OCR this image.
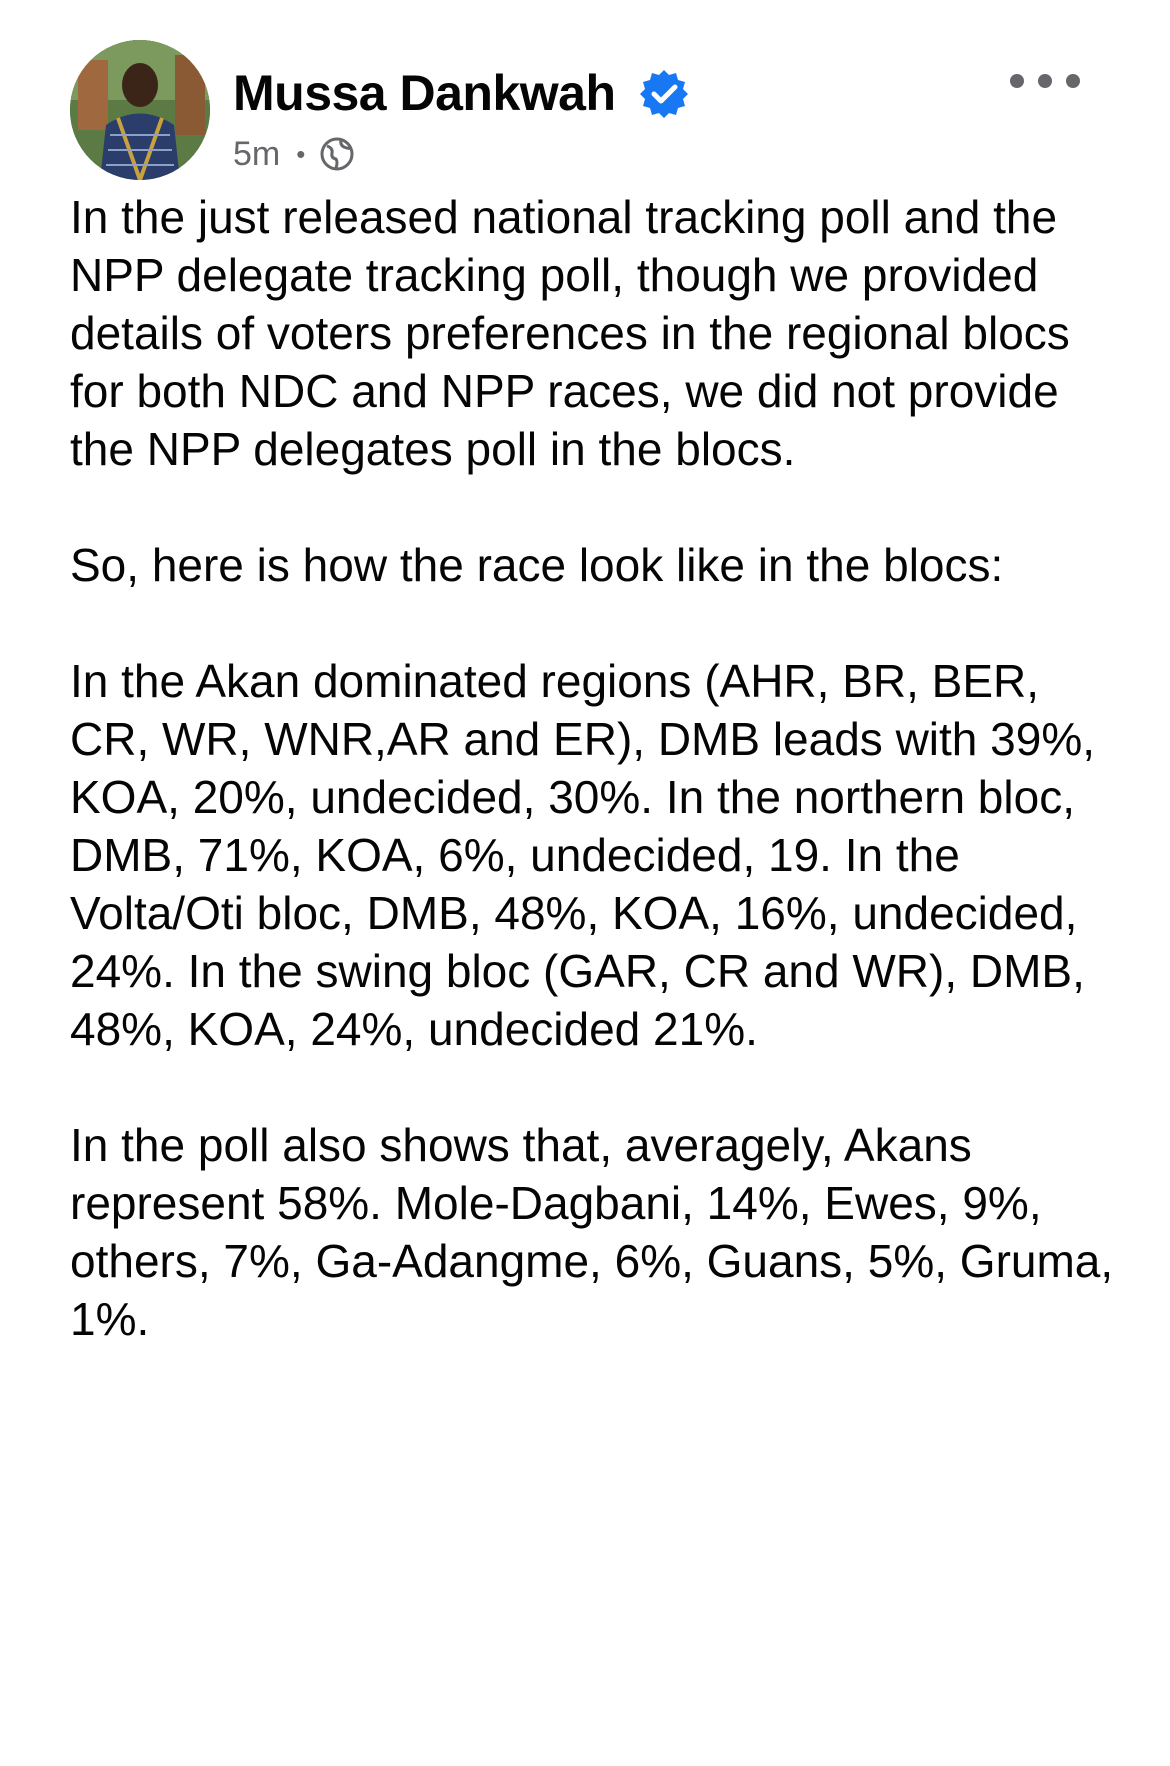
Mussa Dankwah
5m •

In the just released national tracking poll and the NPP delegate tracking poll, though we provided details of voters preferences in the regional blocs for both NDC and NPP races, we did not provide the NPP delegates poll in the blocs.

So, here is how the race look like in the blocs:

In the Akan dominated regions (AHR, BR, BER, CR, WR, WNR,AR and ER), DMB leads with 39%, KOA, 20%, undecided, 30%. In the northern bloc, DMB, 71%, KOA, 6%, undecided, 19. In the Volta/Oti bloc, DMB, 48%, KOA, 16%, undecided, 24%. In the swing bloc (GAR, CR and WR), DMB, 48%, KOA, 24%, undecided 21%.

In the poll also shows that, averagely, Akans represent 58%. Mole-Dagbani, 14%, Ewes, 9%, others, 7%, Ga-Adangme, 6%, Guans, 5%, Gruma, 1%.
